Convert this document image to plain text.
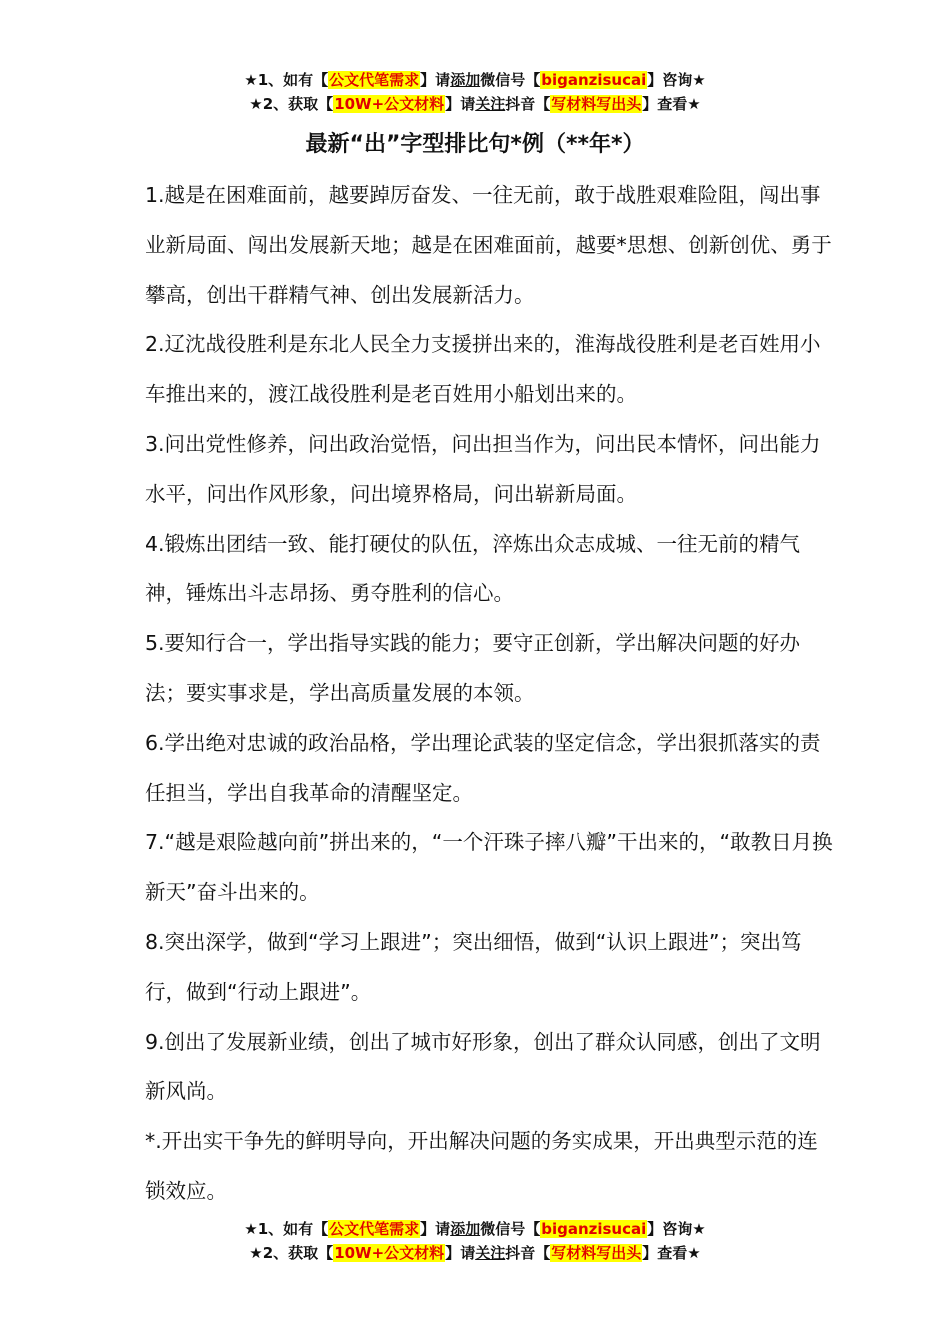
★1、如有【公文代笔需求】请添加微信号【biganzisucai】咨询★
★2、获取【10W+公文材料】请关注抖音【写材料写出头】查看★
最新“出”字型排比句*例（**年*）

1.越是在困难面前，越要踔厉奋发、一往无前，敢于战胜艰难险阻，闯出事业新局面、闯出发展新天地；越是在困难面前，越要*思想、创新创优、勇于攀高，创出干群精气神、创出发展新活力。

2.辽沈战役胜利是东北人民全力支援拼出来的，淮海战役胜利是老百姓用小车推出来的，渡江战役胜利是老百姓用小船划出来的。

3.问出党性修养，问出政治觉悟，问出担当作为，问出民本情怀，问出能力水平，问出作风形象，问出境界格局，问出崭新局面。

4.锻炼出团结一致、能打硬仗的队伍，淬炼出众志成城、一往无前的精气神，锤炼出斗志昂扬、勇夺胜利的信心。

5.要知行合一，学出指导实践的能力；要守正创新，学出解决问题的好办法；要实事求是，学出高质量发展的本领。

6.学出绝对忠诚的政治品格，学出理论武装的坚定信念，学出狠抓落实的责任担当，学出自我革命的清醒坚定。

7.“越是艰险越向前”拼出来的，“一个汗珠子摔八瓣”干出来的，“敢教日月换新天”奋斗出来的。

8.突出深学，做到“学习上跟进”；突出细悟，做到“认识上跟进”；突出笃行，做到“行动上跟进”。

9.创出了发展新业绩，创出了城市好形象，创出了群众认同感，创出了文明新风尚。

*.开出实干争先的鲜明导向，开出解决问题的务实成果，开出典型示范的连锁效应。

★1、如有【公文代笔需求】请添加微信号【biganzisucai】咨询★
★2、获取【10W+公文材料】请关注抖音【写材料写出头】查看★
